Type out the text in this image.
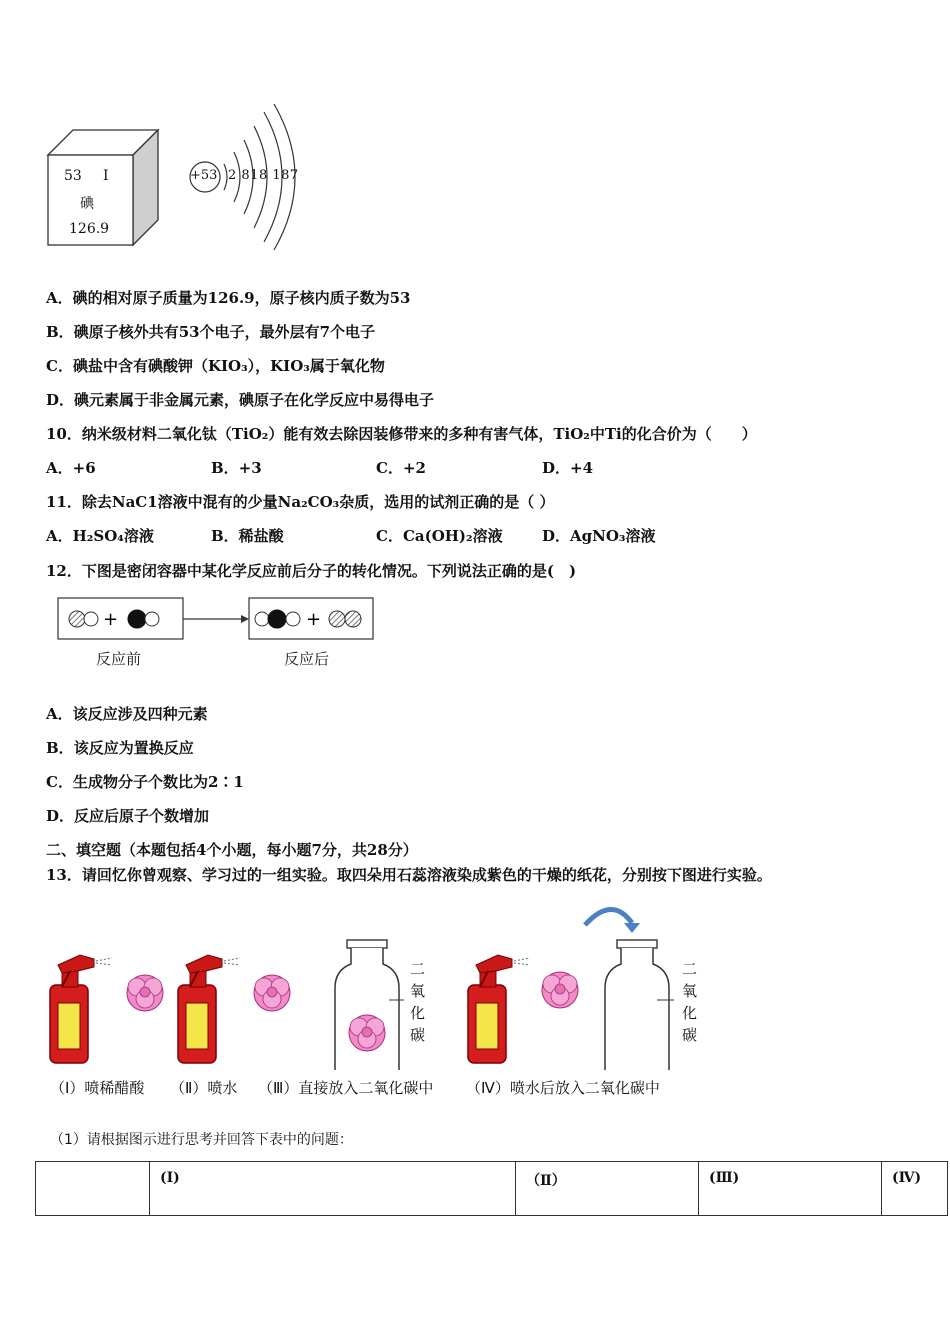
53 I
碘
126.9
+53 2 818 187
A．碘的相对原子质量为126.9，原子核内质子数为53
B．碘原子核外共有53个电子，最外层有7个电子
C．碘盐中含有碘酸钾（KIO₃），KIO₃属于氧化物
D．碘元素属于非金属元素，碘原子在化学反应中易得电子
10．纳米级材料二氧化钛（TiO₂）能有效去除因装修带来的多种有害气体，TiO₂中Ti的化合价为（　　）
A．+6	B．+3	C．+2	D．+4
11．除去NaC1溶液中混有的少量Na₂CO₃杂质，选用的试剂正确的是（ ）
A．H₂SO₄溶液	B．稀盐酸	C．Ca(OH)₂溶液	D．AgNO₃溶液
12．下图是密闭容器中某化学反应前后分子的转化情况。下列说法正确的是(　)
+	+
反应前	反应后
A．该反应涉及四种元素
B．该反应为置换反应
C．生成物分子个数比为2∶1
D．反应后原子个数增加
二、填空题（本题包括4个小题，每小题7分，共28分）
13．请回忆你曾观察、学习过的一组实验。取四朵用石蕊溶液染成紫色的干燥的纸花，分别按下图进行实验。
二氧化碳
二氧化碳
（Ⅰ）喷稀醋酸 （Ⅱ）喷水 （Ⅲ）直接放入二氧化碳中 （Ⅳ）喷水后放入二氧化碳中
（1）请根据图示进行思考并回答下表中的问题：
	(Ⅰ)	（Ⅱ）	(Ⅲ)	(Ⅳ)
